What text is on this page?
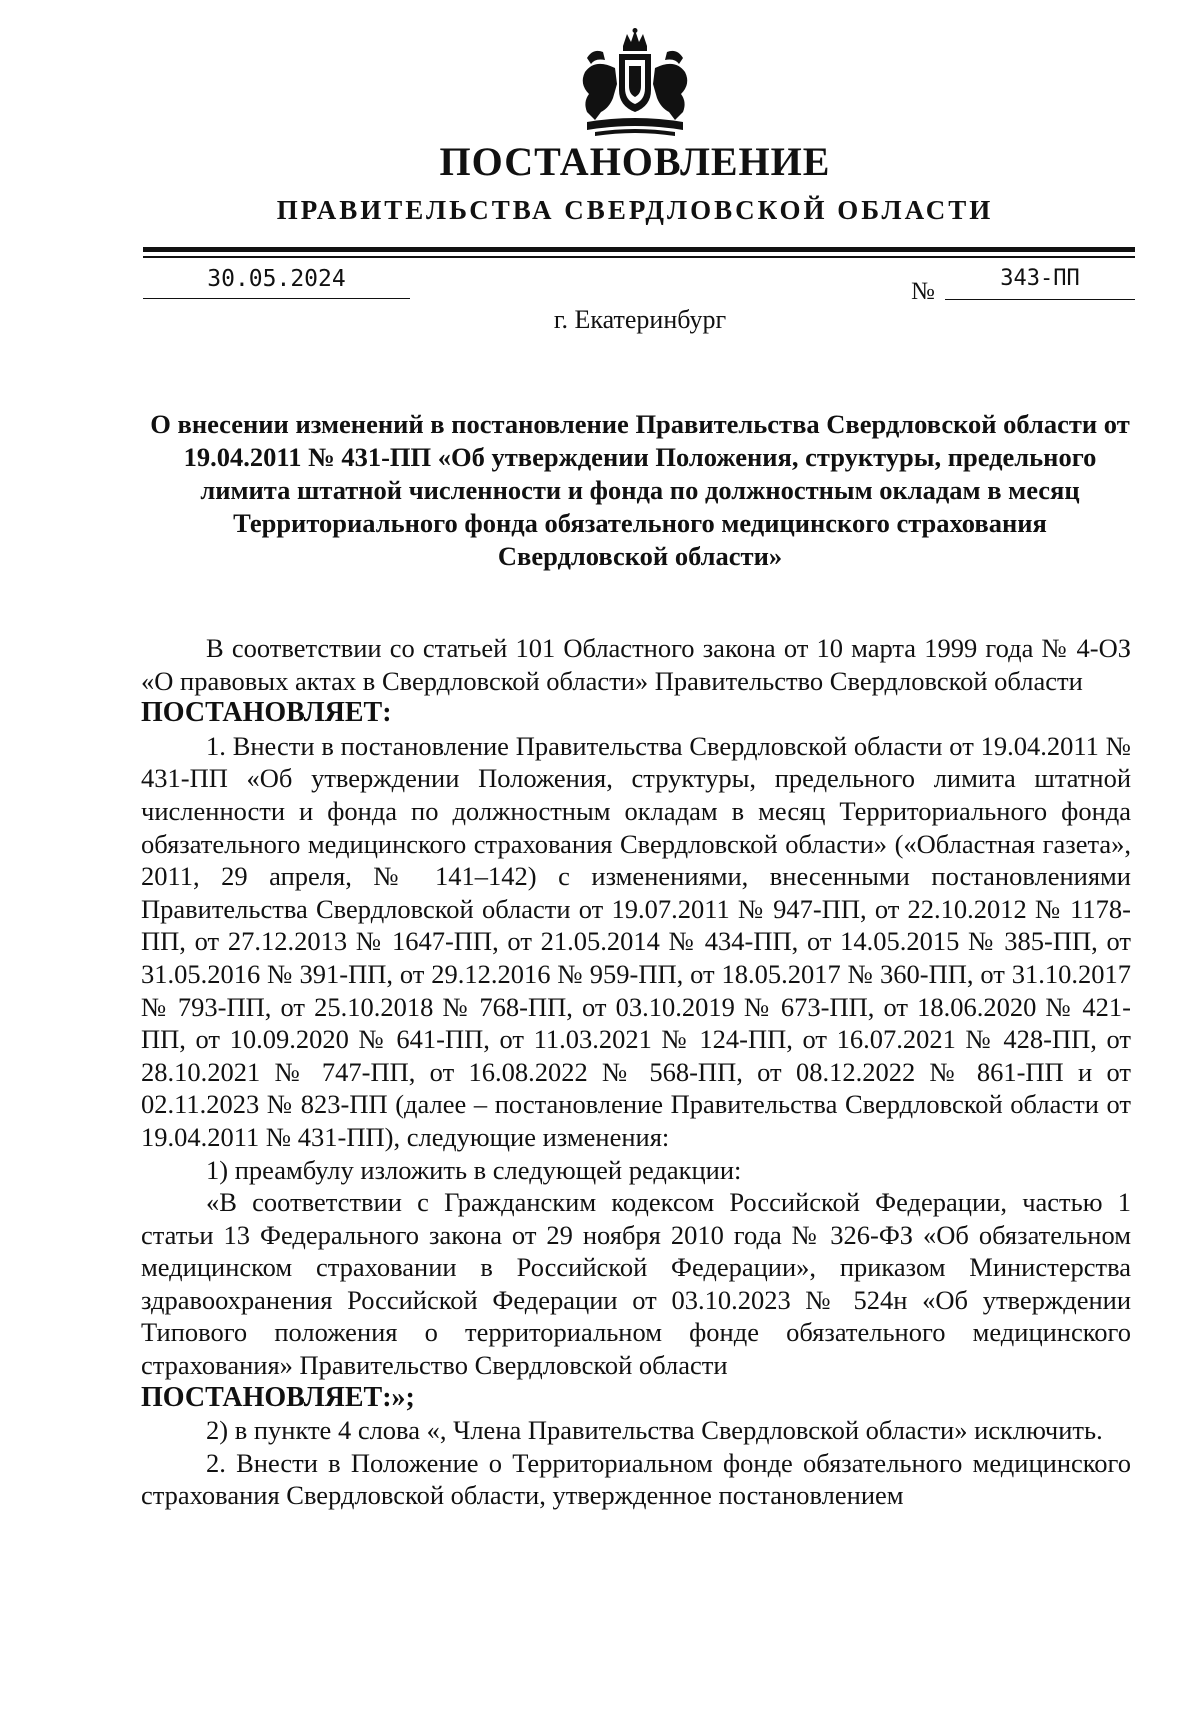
ПОСТАНОВЛЕНИЕ
ПРАВИТЕЛЬСТВА СВЕРДЛОВСКОЙ ОБЛАСТИ
30.05.2024	№	343-ПП
г. Екатеринбург
О внесении изменений в постановление Правительства Свердловской области от 19.04.2011 № 431-ПП «Об утверждении Положения, структуры, предельного лимита штатной численности и фонда по должностным окладам в месяц Территориального фонда обязательного медицинского страхования Свердловской области»

В соответствии со статьей 101 Областного закона от 10 марта 1999 года № 4-ОЗ «О правовых актах в Свердловской области» Правительство Свердловской области

ПОСТАНОВЛЯЕТ:

1. Внести в постановление Правительства Свердловской области от 19.04.2011 № 431-ПП «Об утверждении Положения, структуры, предельного лимита штатной численности и фонда по должностным окладам в месяц Территориального фонда обязательного медицинского страхования Свердловской области» («Областная газета», 2011, 29 апреля, № 141–142) с изменениями, внесенными постановлениями Правительства Свердловской области от 19.07.2011 № 947-ПП, от 22.10.2012 № 1178-ПП, от 27.12.2013 № 1647-ПП, от 21.05.2014 № 434-ПП, от 14.05.2015 № 385-ПП, от 31.05.2016 № 391-ПП, от 29.12.2016 № 959-ПП, от 18.05.2017 № 360-ПП, от 31.10.2017 № 793-ПП, от 25.10.2018 № 768-ПП, от 03.10.2019 № 673-ПП, от 18.06.2020 № 421-ПП, от 10.09.2020 № 641-ПП, от 11.03.2021 № 124-ПП, от 16.07.2021 № 428-ПП, от 28.10.2021 № 747-ПП, от 16.08.2022 № 568-ПП, от 08.12.2022 № 861-ПП и от 02.11.2023 № 823-ПП (далее – постановление Правительства Свердловской области от 19.04.2011 № 431-ПП), следующие изменения:

1) преамбулу изложить в следующей редакции:

«В соответствии с Гражданским кодексом Российской Федерации, частью 1 статьи 13 Федерального закона от 29 ноября 2010 года № 326-ФЗ «Об обязательном медицинском страховании в Российской Федерации», приказом Министерства здравоохранения Российской Федерации от 03.10.2023 № 524н «Об утверждении Типового положения о территориальном фонде обязательного медицинского страхования» Правительство Свердловской области

ПОСТАНОВЛЯЕТ:»;

2) в пункте 4 слова «, Члена Правительства Свердловской области» исключить.

2. Внести в Положение о Территориальном фонде обязательного медицинского страхования Свердловской области, утвержденное постановлением
